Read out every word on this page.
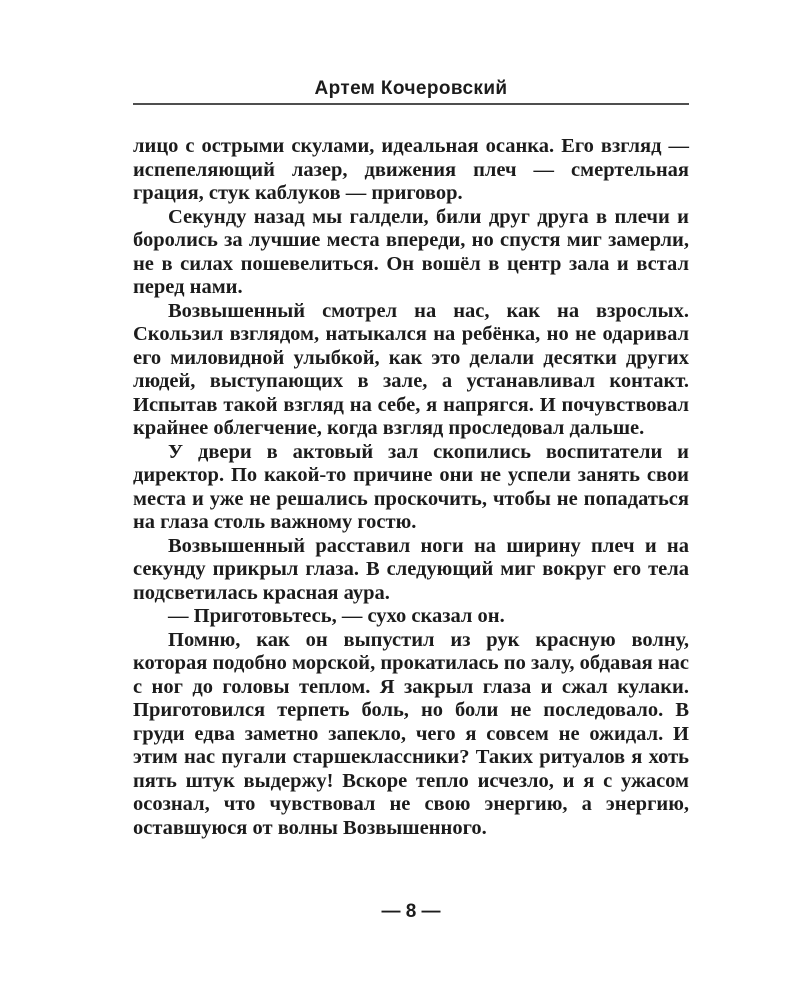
Артем Кочеровский

лицо с острыми скулами, идеальная осанка. Его взгляд — испепеляющий лазер, движения плеч — смертельная грация, стук каблуков — приговор.

Секунду назад мы галдели, били друг друга в плечи и боролись за лучшие места впереди, но спустя миг замерли, не в силах пошевелиться. Он вошёл в центр зала и встал перед нами.

Возвышенный смотрел на нас, как на взрослых. Скользил взглядом, натыкался на ребёнка, но не одаривал его миловидной улыбкой, как это делали десятки других людей, выступающих в зале, а устанавливал контакт. Испытав такой взгляд на себе, я напрягся. И почувствовал крайнее облегчение, когда взгляд проследовал дальше.

У двери в актовый зал скопились воспитатели и директор. По какой-то причине они не успели занять свои места и уже не решались проскочить, чтобы не попадаться на глаза столь важному гостю.

Возвышенный расставил ноги на ширину плеч и на секунду прикрыл глаза. В следующий миг вокруг его тела подсветилась красная аура.

— Приготовьтесь, — сухо сказал он.

Помню, как он выпустил из рук красную волну, которая подобно морской, прокатилась по залу, обдавая нас с ног до головы теплом. Я закрыл глаза и сжал кулаки. Приготовился терпеть боль, но боли не последовало. В груди едва заметно запекло, чего я совсем не ожидал. И этим нас пугали старшеклассники? Таких ритуалов я хоть пять штук выдержу! Вскоре тепло исчезло, и я с ужасом осознал, что чувствовал не свою энергию, а энергию, оставшуюся от волны Возвышенного.

— 8 —
